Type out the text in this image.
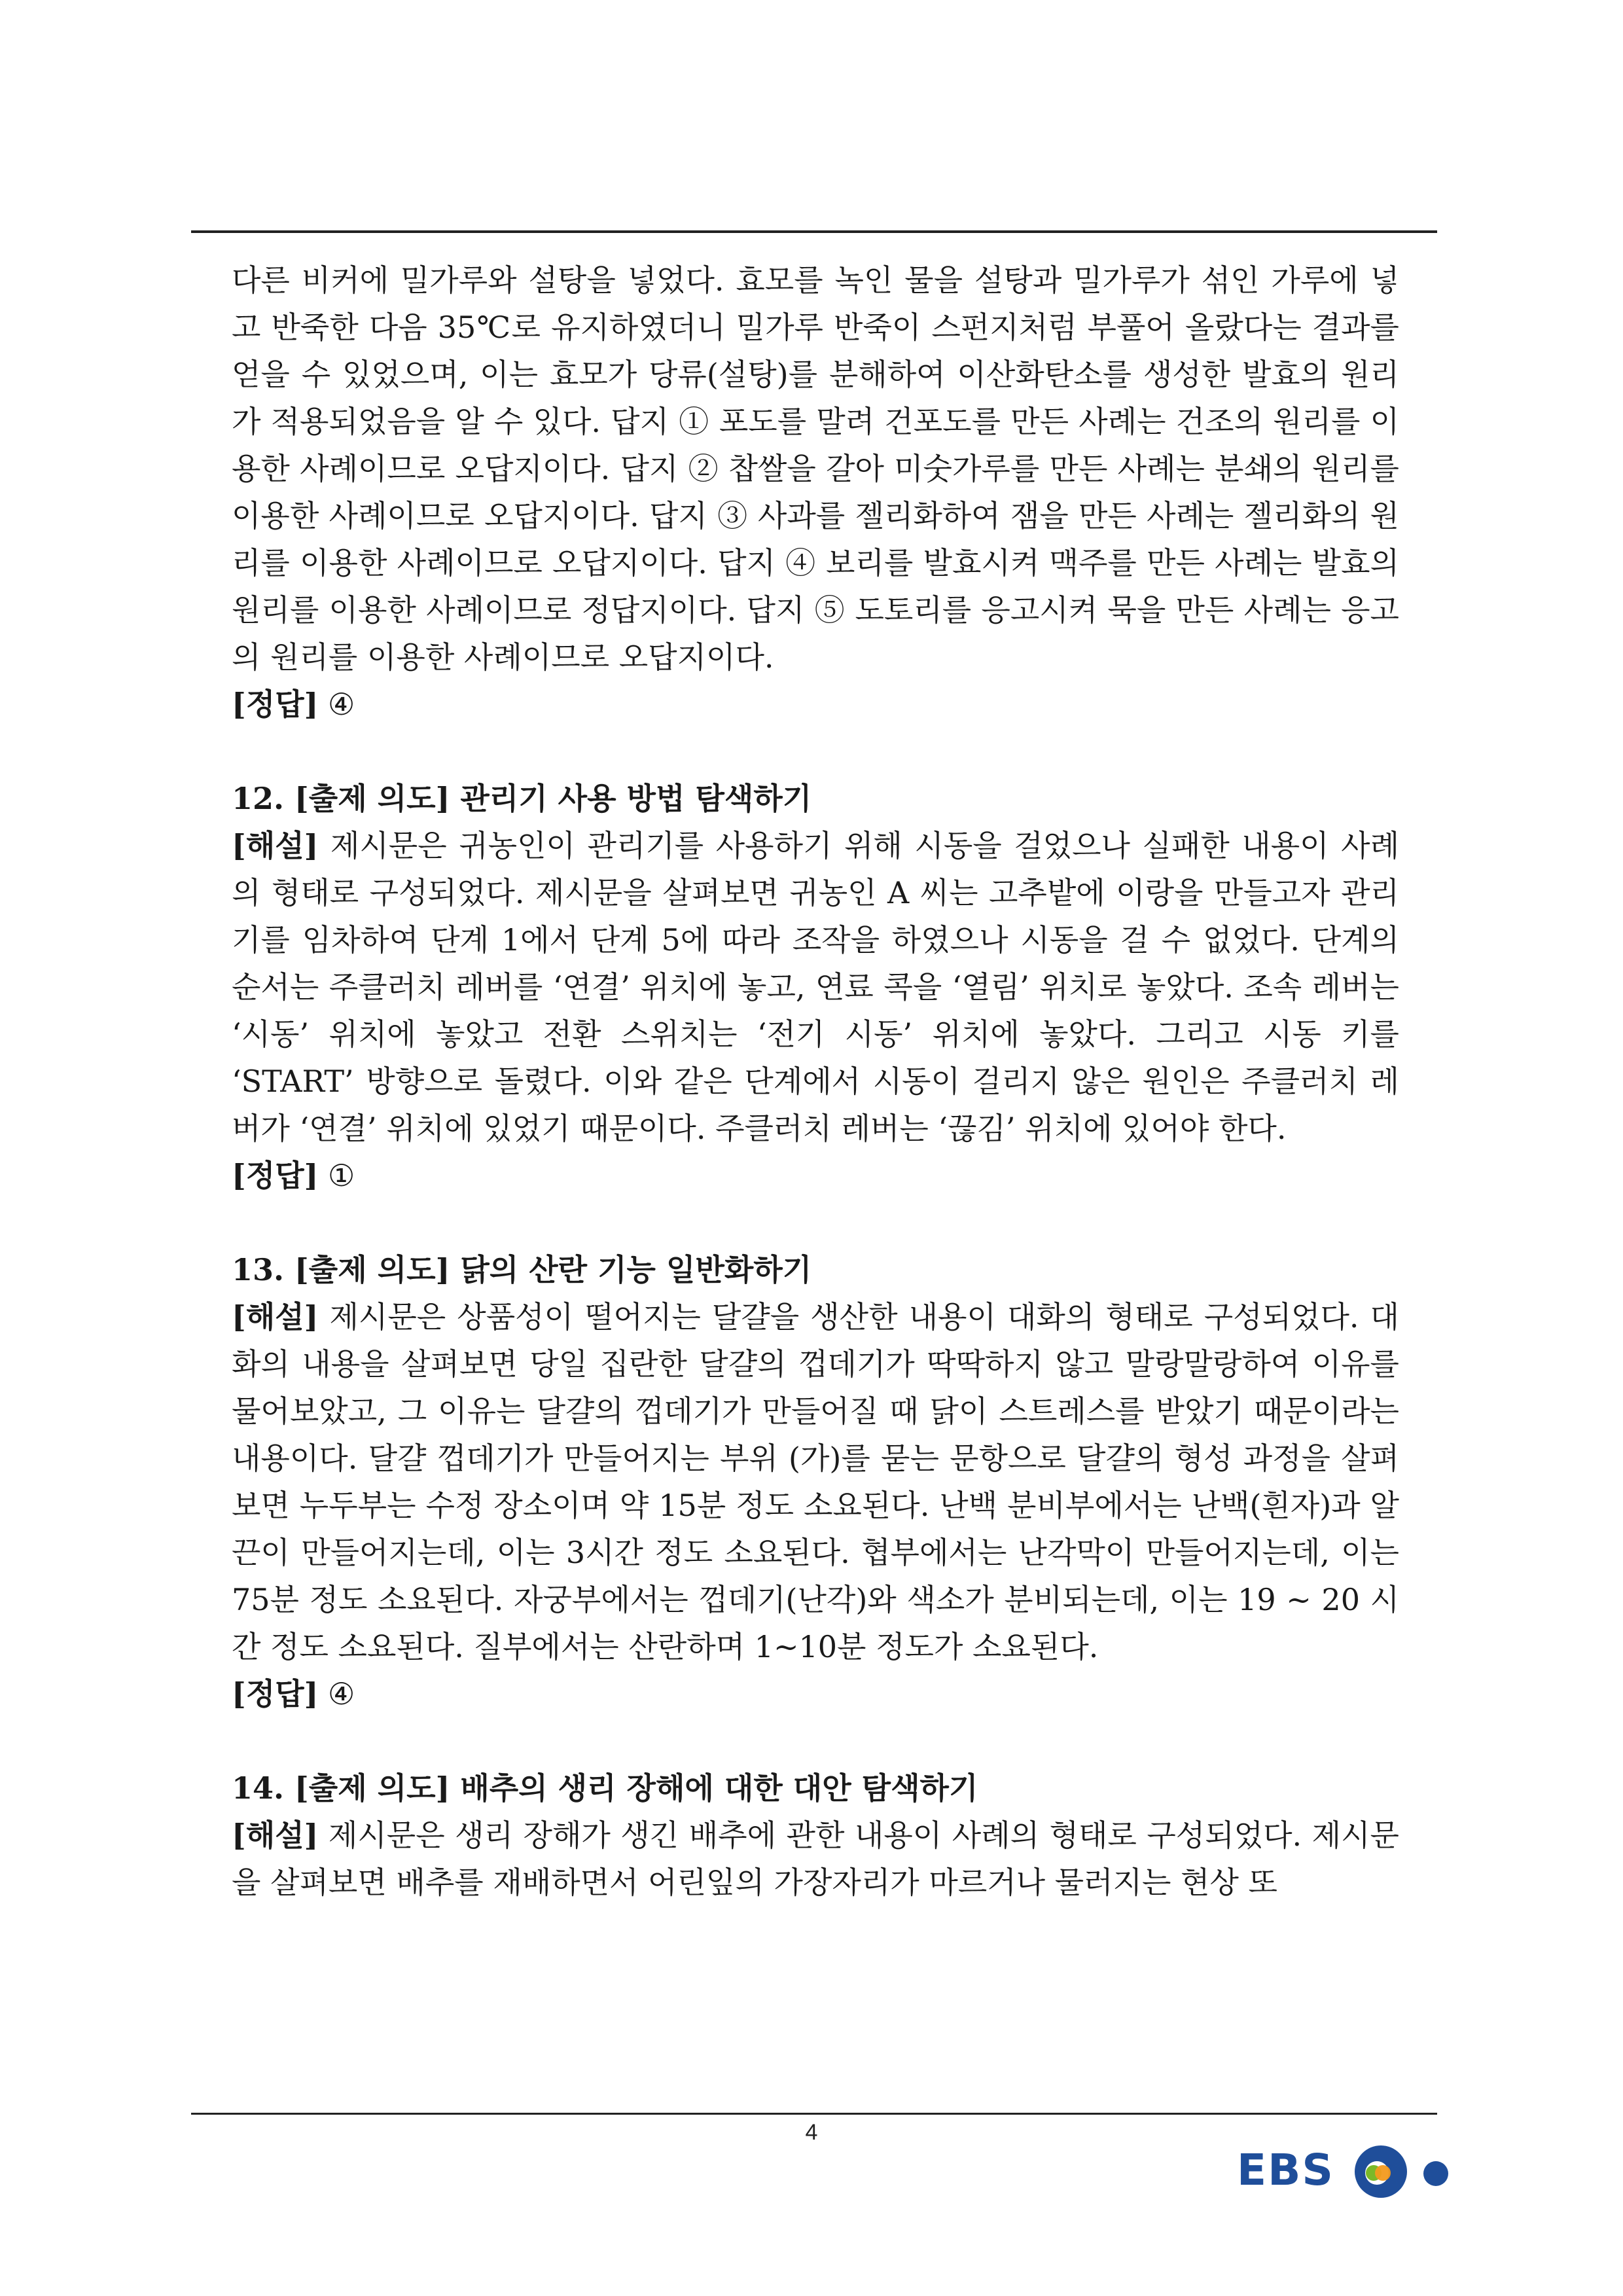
다른 비커에 밀가루와 설탕을 넣었다. 효모를 녹인 물을 설탕과 밀가루가 섞인 가루에 넣고 반죽한 다음 35℃로 유지하였더니 밀가루 반죽이 스펀지처럼 부풀어 올랐다는 결과를 얻을 수 있었으며, 이는 효모가 당류(설탕)를 분해하여 이산화탄소를 생성한 발효의 원리가 적용되었음을 알 수 있다. 답지 ① 포도를 말려 건포도를 만든 사례는 건조의 원리를 이용한 사례이므로 오답지이다. 답지 ② 찹쌀을 갈아 미숫가루를 만든 사례는 분쇄의 원리를 이용한 사례이므로 오답지이다. 답지 ③ 사과를 젤리화하여 잼을 만든 사례는 젤리화의 원리를 이용한 사례이므로 오답지이다. 답지 ④ 보리를 발효시켜 맥주를 만든 사례는 발효의 원리를 이용한 사례이므로 정답지이다. 답지 ⑤ 도토리를 응고시켜 묵을 만든 사례는 응고의 원리를 이용한 사례이므로 오답지이다.

[정답] ④

12. [출제 의도] 관리기 사용 방법 탐색하기

[해설] 제시문은 귀농인이 관리기를 사용하기 위해 시동을 걸었으나 실패한 내용이 사례의 형태로 구성되었다. 제시문을 살펴보면 귀농인 A 씨는 고추밭에 이랑을 만들고자 관리기를 임차하여 단계 1에서 단계 5에 따라 조작을 하였으나 시동을 걸 수 없었다. 단계의 순서는 주클러치 레버를 ‘연결’ 위치에 놓고, 연료 콕을 ‘열림’ 위치로 놓았다. 조속 레버는 ‘시동’ 위치에 놓았고 전환 스위치는 ‘전기 시동’ 위치에 놓았다. 그리고 시동 키를 ‘START’ 방향으로 돌렸다. 이와 같은 단계에서 시동이 걸리지 않은 원인은 주클러치 레버가 ‘연결’ 위치에 있었기 때문이다. 주클러치 레버는 ‘끊김’ 위치에 있어야 한다.

[정답] ①

13. [출제 의도] 닭의 산란 기능 일반화하기

[해설] 제시문은 상품성이 떨어지는 달걀을 생산한 내용이 대화의 형태로 구성되었다. 대화의 내용을 살펴보면 당일 집란한 달걀의 껍데기가 딱딱하지 않고 말랑말랑하여 이유를 물어보았고, 그 이유는 달걀의 껍데기가 만들어질 때 닭이 스트레스를 받았기 때문이라는 내용이다. 달걀 껍데기가 만들어지는 부위 (가)를 묻는 문항으로 달걀의 형성 과정을 살펴보면 누두부는 수정 장소이며 약 15분 정도 소요된다. 난백 분비부에서는 난백(흰자)과 알끈이 만들어지는데, 이는 3시간 정도 소요된다. 협부에서는 난각막이 만들어지는데, 이는 75분 정도 소요된다. 자궁부에서는 껍데기(난각)와 색소가 분비되는데, 이는 19 ~ 20 시간 정도 소요된다. 질부에서는 산란하며 1~10분 정도가 소요된다.

[정답] ④

14. [출제 의도] 배추의 생리 장해에 대한 대안 탐색하기

[해설] 제시문은 생리 장해가 생긴 배추에 관한 내용이 사례의 형태로 구성되었다. 제시문을 살펴보면 배추를 재배하면서 어린잎의 가장자리가 마르거나 물러지는 현상 또

4
EBS
